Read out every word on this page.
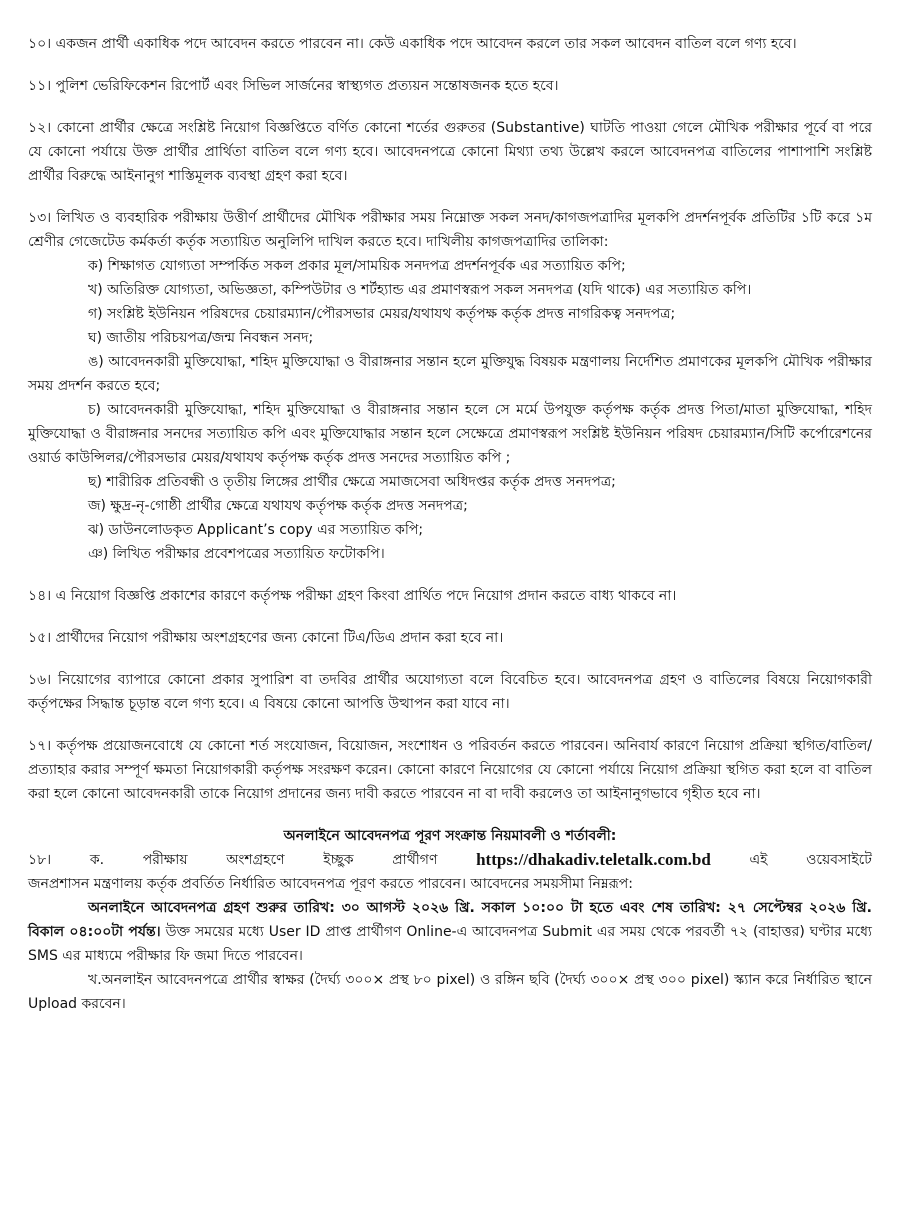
১০। একজন প্রার্থী একাধিক পদে আবেদন করতে পারবেন না। কেউ একাধিক পদে আবেদন করলে তার সকল আবেদন বাতিল বলে গণ্য হবে।

১১। পুলিশ ভেরিফিকেশন রিপোর্ট এবং সিভিল সার্জনের স্বাস্থ্যগত প্রত্যয়ন সন্তোষজনক হতে হবে।

১২। কোনো প্রার্থীর ক্ষেত্রে সংশ্লিষ্ট নিয়োগ বিজ্ঞপ্তিতে বর্ণিত কোনো শর্তের গুরুতর (Substantive) ঘাটতি পাওয়া গেলে মৌখিক পরীক্ষার পূর্বে বা পরে যে কোনো পর্যায়ে উক্ত প্রার্থীর প্রার্থিতা বাতিল বলে গণ্য হবে। আবেদনপত্রে কোনো মিথ্যা তথ্য উল্লেখ করলে আবেদনপত্র বাতিলের পাশাপাশি সংশ্লিষ্ট প্রার্থীর বিরুদ্ধে আইনানুগ শাস্তিমূলক ব্যবস্থা গ্রহণ করা হবে।

১৩। লিখিত ও ব্যবহারিক পরীক্ষায় উত্তীর্ণ প্রার্থীদের মৌখিক পরীক্ষার সময় নিম্নোক্ত সকল সনদ/কাগজপত্রাদির মূলকপি প্রদর্শনপূর্বক প্রতিটির ১টি করে ১ম শ্রেণীর গেজেটেড কর্মকর্তা কর্তৃক সত্যায়িত অনুলিপি দাখিল করতে হবে। দাখিলীয় কাগজপত্রাদির তালিকা:

ক) শিক্ষাগত যোগ্যতা সম্পর্কিত সকল প্রকার মূল/সাময়িক সনদপত্র প্রদর্শনপূর্বক এর সত্যায়িত কপি;

খ) অতিরিক্ত যোগ্যতা, অভিজ্ঞতা, কম্পিউটার ও শর্টহ্যান্ড এর প্রমাণস্বরূপ সকল সনদপত্র (যদি থাকে) এর সত্যায়িত কপি।

গ) সংশ্লিষ্ট ইউনিয়ন পরিষদের চেয়ারম্যান/পৌরসভার মেয়র/যথাযথ কর্তৃপক্ষ কর্তৃক প্রদত্ত নাগরিকত্ব সনদপত্র;

ঘ) জাতীয় পরিচয়পত্র/জন্ম নিবন্ধন সনদ;

ঙ) আবেদনকারী মুক্তিযোদ্ধা, শহিদ মুক্তিযোদ্ধা ও বীরাঙ্গনার সন্তান হলে মুক্তিযুদ্ধ বিষয়ক মন্ত্রণালয় নির্দেশিত প্রমাণকের মূলকপি মৌখিক পরীক্ষার সময় প্রদর্শন করতে হবে;

চ) আবেদনকারী মুক্তিযোদ্ধা, শহিদ মুক্তিযোদ্ধা ও বীরাঙ্গনার সন্তান হলে সে মর্মে উপযুক্ত কর্তৃপক্ষ কর্তৃক প্রদত্ত পিতা/মাতা মুক্তিযোদ্ধা, শহিদ মুক্তিযোদ্ধা ও বীরাঙ্গনার সনদের সত্যায়িত কপি এবং মুক্তিযোদ্ধার সন্তান হলে সেক্ষেত্রে প্রমাণস্বরূপ সংশ্লিষ্ট ইউনিয়ন পরিষদ চেয়ারম্যান/সিটি কর্পোরেশনের ওয়ার্ড কাউন্সিলর/পৌরসভার মেয়র/যথাযথ কর্তৃপক্ষ কর্তৃক প্রদত্ত সনদের সত্যায়িত কপি ;

ছ) শারীরিক প্রতিবন্ধী ও তৃতীয় লিঙ্গের প্রার্থীর ক্ষেত্রে সমাজসেবা অধিদপ্তর কর্তৃক প্রদত্ত সনদপত্র;

জ) ক্ষুদ্র-নৃ-গোষ্ঠী প্রার্থীর ক্ষেত্রে যথাযথ কর্তৃপক্ষ কর্তৃক প্রদত্ত সনদপত্র;

ঝ) ডাউনলোডকৃত Applicant’s copy এর সত্যায়িত কপি;

ঞ) লিখিত পরীক্ষার প্রবেশপত্রের সত্যায়িত ফটোকপি।

১৪। এ নিয়োগ বিজ্ঞপ্তি প্রকাশের কারণে কর্তৃপক্ষ পরীক্ষা গ্রহণ কিংবা প্রার্থিত পদে নিয়োগ প্রদান করতে বাধ্য থাকবে না।

১৫। প্রার্থীদের নিয়োগ পরীক্ষায় অংশগ্রহণের জন্য কোনো টিএ/ডিএ প্রদান করা হবে না।

১৬। নিয়োগের ব্যাপারে কোনো প্রকার সুপারিশ বা তদবির প্রার্থীর অযোগ্যতা বলে বিবেচিত হবে। আবেদনপত্র গ্রহণ ও বাতিলের বিষয়ে নিয়োগকারী কর্তৃপক্ষের সিদ্ধান্ত চূড়ান্ত বলে গণ্য হবে। এ বিষয়ে কোনো আপত্তি উত্থাপন করা যাবে না।

১৭। কর্তৃপক্ষ প্রয়োজনবোধে যে কোনো শর্ত সংযোজন, বিয়োজন, সংশোধন ও পরিবর্তন করতে পারবেন। অনিবার্য কারণে নিয়োগ প্রক্রিয়া স্থগিত/বাতিল/প্রত্যাহার করার সম্পূর্ণ ক্ষমতা নিয়োগকারী কর্তৃপক্ষ সংরক্ষণ করেন। কোনো কারণে নিয়োগের যে কোনো পর্যায়ে নিয়োগ প্রক্রিয়া স্থগিত করা হলে বা বাতিল করা হলে কোনো আবেদনকারী তাকে নিয়োগ প্রদানের জন্য দাবী করতে পারবেন না বা দাবী করলেও তা আইনানুগভাবে গৃহীত হবে না।

অনলাইনে আবেদনপত্র পূরণ সংক্রান্ত নিয়মাবলী ও শর্তাবলী:

১৮।	ক.	পরীক্ষায়	অংশগ্রহণে	ইচ্ছুক	প্রার্থীগণ https://dhakadiv.teletalk.com.bd	এই	ওয়েবসাইটে

জনপ্রশাসন মন্ত্রণালয় কর্তৃক প্রবর্তিত নির্ধারিত আবেদনপত্র পূরণ করতে পারবেন। আবেদনের সময়সীমা নিম্নরূপ:

অনলাইনে আবেদনপত্র গ্রহণ শুরুর তারিখ: ৩০ আগস্ট ২০২৬ খ্রি. সকাল ১০:০০ টা হতে এবং শেষ তারিখ: ২৭ সেপ্টেম্বর ২০২৬ খ্রি. বিকাল ০৪:০০টা পর্যন্ত। উক্ত সময়ের মধ্যে User ID প্রাপ্ত প্রার্থীগণ Online-এ আবেদনপত্র Submit এর সময় থেকে পরবর্তী ৭২ (বাহাত্তর) ঘণ্টার মধ্যে SMS এর মাধ্যমে পরীক্ষার ফি জমা দিতে পারবেন।

খ.অনলাইন আবেদনপত্রে প্রার্থীর স্বাক্ষর (দৈর্ঘ্য ৩০০× প্রস্থ ৮০ pixel) ও রঙ্গিন ছবি (দৈর্ঘ্য ৩০০× প্রস্থ ৩০০ pixel) স্ক্যান করে নির্ধারিত স্থানে Upload করবেন।
